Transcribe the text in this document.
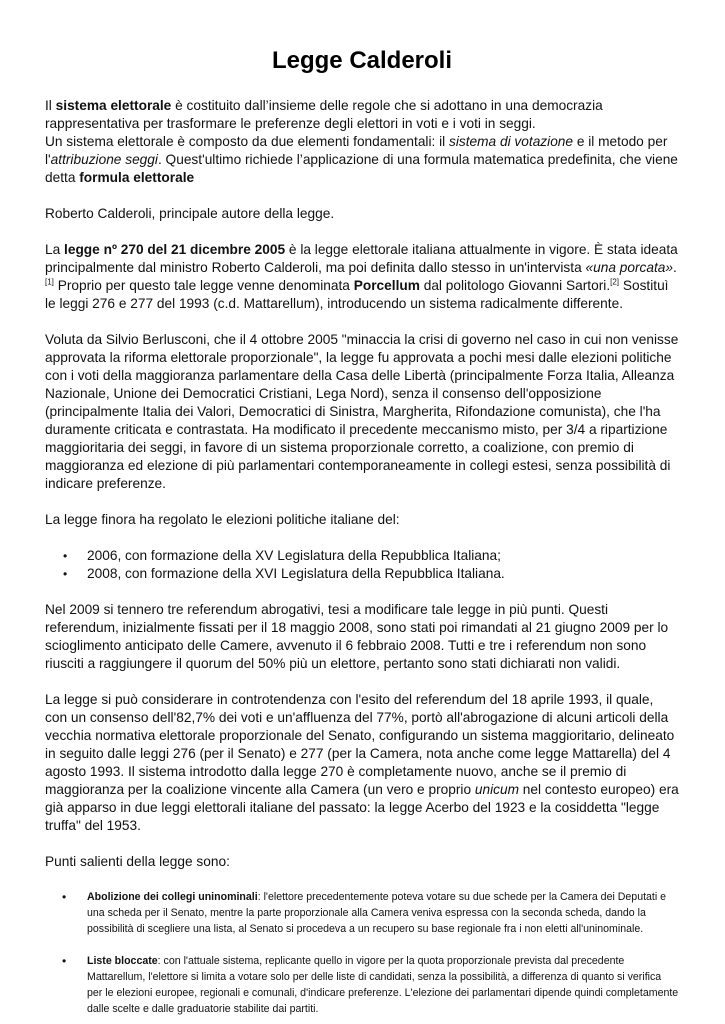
Legge Calderoli

Il sistema elettorale è costituito dall’insieme delle regole che si adottano in una democrazia rappresentativa per trasformare le preferenze degli elettori in voti e i voti in seggi.
Un sistema elettorale è composto da due elementi fondamentali: il sistema di votazione e il metodo per l'attribuzione seggi. Quest'ultimo richiede l’applicazione di una formula matematica predefinita, che viene detta formula elettorale

Roberto Calderoli, principale autore della legge.

La legge nº 270 del 21 dicembre 2005 è la legge elettorale italiana attualmente in vigore. È stata ideata principalmente dal ministro Roberto Calderoli, ma poi definita dallo stesso in un'intervista «una porcata».[1] Proprio per questo tale legge venne denominata Porcellum dal politologo Giovanni Sartori.[2] Sostituì le leggi 276 e 277 del 1993 (c.d. Mattarellum), introducendo un sistema radicalmente differente.

Voluta da Silvio Berlusconi, che il 4 ottobre 2005 "minaccia la crisi di governo nel caso in cui non venisse approvata la riforma elettorale proporzionale", la legge fu approvata a pochi mesi dalle elezioni politiche con i voti della maggioranza parlamentare della Casa delle Libertà (principalmente Forza Italia, Alleanza Nazionale, Unione dei Democratici Cristiani, Lega Nord), senza il consenso dell'opposizione (principalmente Italia dei Valori, Democratici di Sinistra, Margherita, Rifondazione comunista), che l'ha duramente criticata e contrastata. Ha modificato il precedente meccanismo misto, per 3/4 a ripartizione maggioritaria dei seggi, in favore di un sistema proporzionale corretto, a coalizione, con premio di maggioranza ed elezione di più parlamentari contemporaneamente in collegi estesi, senza possibilità di indicare preferenze.

La legge finora ha regolato le elezioni politiche italiane del:

• 2006, con formazione della XV Legislatura della Repubblica Italiana;
• 2008, con formazione della XVI Legislatura della Repubblica Italiana.

Nel 2009 si tennero tre referendum abrogativi, tesi a modificare tale legge in più punti. Questi referendum, inizialmente fissati per il 18 maggio 2008, sono stati poi rimandati al 21 giugno 2009 per lo scioglimento anticipato delle Camere, avvenuto il 6 febbraio 2008. Tutti e tre i referendum non sono riusciti a raggiungere il quorum del 50% più un elettore, pertanto sono stati dichiarati non validi.

La legge si può considerare in controtendenza con l'esito del referendum del 18 aprile 1993, il quale, con un consenso dell'82,7% dei voti e un'affluenza del 77%, portò all'abrogazione di alcuni articoli della vecchia normativa elettorale proporzionale del Senato, configurando un sistema maggioritario, delineato in seguito dalle leggi 276 (per il Senato) e 277 (per la Camera, nota anche come legge Mattarella) del 4 agosto 1993. Il sistema introdotto dalla legge 270 è completamente nuovo, anche se il premio di maggioranza per la coalizione vincente alla Camera (un vero e proprio unicum nel contesto europeo) era già apparso in due leggi elettorali italiane del passato: la legge Acerbo del 1923 e la cosiddetta "legge truffa" del 1953.

Punti salienti della legge sono:

• Abolizione dei collegi uninominali: l'elettore precedentemente poteva votare su due schede per la Camera dei Deputati e una scheda per il Senato, mentre la parte proporzionale alla Camera veniva espressa con la seconda scheda, dando la possibilità di scegliere una lista, al Senato si procedeva a un recupero su base regionale fra i non eletti all'uninominale.
• Liste bloccate: con l'attuale sistema, replicante quello in vigore per la quota proporzionale prevista dal precedente Mattarellum, l'elettore si limita a votare solo per delle liste di candidati, senza la possibilità, a differenza di quanto si verifica per le elezioni europee, regionali e comunali, d'indicare preferenze. L'elezione dei parlamentari dipende quindi completamente dalle scelte e dalle graduatorie stabilite dai partiti.
